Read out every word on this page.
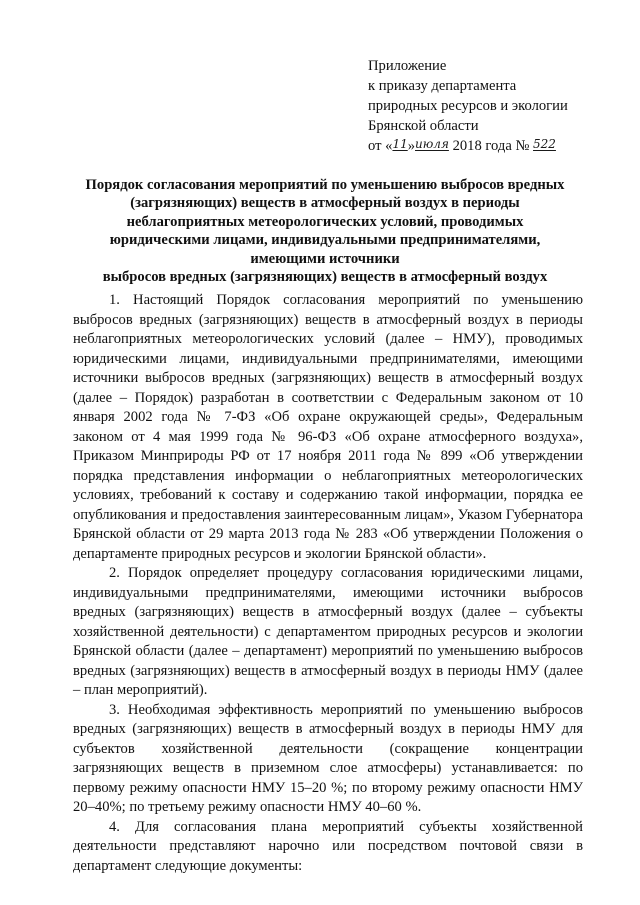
Приложение
к приказу департамента
природных ресурсов и экологии
Брянской области
от «11»июля 2018 года № 522
Порядок согласования мероприятий по уменьшению выбросов вредных
(загрязняющих) веществ в атмосферный воздух в периоды
неблагоприятных метеорологических условий, проводимых
юридическими лицами, индивидуальными предпринимателями,
имеющими источники
выбросов вредных (загрязняющих) веществ в атмосферный воздух

1. Настоящий Порядок согласования мероприятий по уменьшению выбросов вредных (загрязняющих) веществ в атмосферный воздух в периоды неблагоприятных метеорологических условий (далее – НМУ), проводимых юридическими лицами, индивидуальными предпринимателями, имеющими источники выбросов вредных (загрязняющих) веществ в атмосферный воздух (далее – Порядок) разработан в соответствии с Федеральным законом от 10 января 2002 года № 7-ФЗ «Об охране окружающей среды», Федеральным законом от 4 мая 1999 года № 96-ФЗ «Об охране атмосферного воздуха», Приказом Минприроды РФ от 17 ноября 2011 года № 899 «Об утверждении порядка представления информации о неблагоприятных метеорологических условиях, требований к составу и содержанию такой информации, порядка ее опубликования и предоставления заинтересованным лицам», Указом Губернатора Брянской области от 29 марта 2013 года № 283 «Об утверждении Положения о департаменте природных ресурсов и экологии Брянской области».

2. Порядок определяет процедуру согласования юридическими лицами, индивидуальными предпринимателями, имеющими источники выбросов вредных (загрязняющих) веществ в атмосферный воздух (далее – субъекты хозяйственной деятельности) с департаментом природных ресурсов и экологии Брянской области (далее – департамент) мероприятий по уменьшению выбросов вредных (загрязняющих) веществ в атмосферный воздух в периоды НМУ (далее – план мероприятий).

3. Необходимая эффективность мероприятий по уменьшению выбросов вредных (загрязняющих) веществ в атмосферный воздух в периоды НМУ для субъектов хозяйственной деятельности (сокращение концентрации загрязняющих веществ в приземном слое атмосферы) устанавливается: по первому режиму опасности НМУ 15–20 %; по второму режиму опасности НМУ 20–40%; по третьему режиму опасности НМУ 40–60 %.

4. Для согласования плана мероприятий субъекты хозяйственной деятельности представляют нарочно или посредством почтовой связи в департамент следующие документы:
